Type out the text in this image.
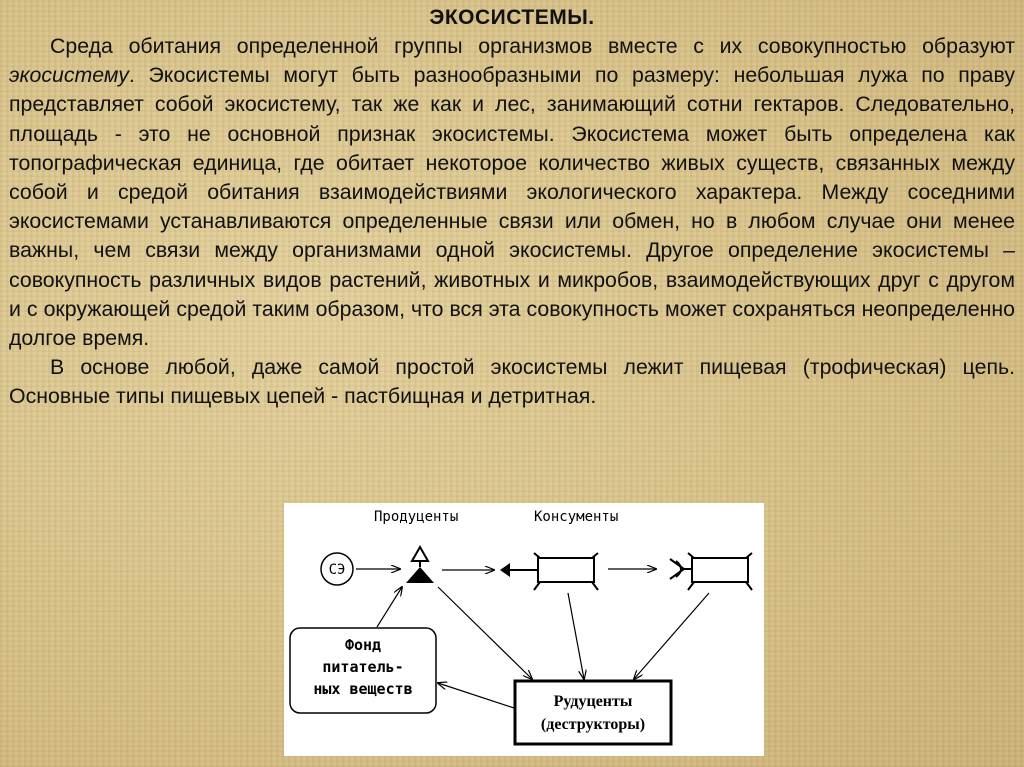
ЭКОСИСТЕМЫ.

Среда обитания определенной группы организмов вместе с их совокупностью образуют экосистему. Экосистемы могут быть разнообразными по размеру: небольшая лужа по праву представляет собой экосистему, так же как и лес, занимающий сотни гектаров. Следовательно, площадь - это не основной признак экосистемы. Экосистема может быть определена как топографическая единица, где обитает некоторое количество живых существ, связанных между собой и средой обитания взаимодействиями экологического характера. Между соседними экосистемами устанавливаются определенные связи или обмен, но в любом случае они менее важны, чем связи между организмами одной экосистемы. Другое определение экосистемы – совокупность различных видов растений, животных и микробов, взаимодействующих друг с другом и с окружающей средой таким образом, что вся эта совокупность может сохраняться неопределенно долгое время.

В основе любой, даже самой простой экосистемы лежит пищевая (трофическая) цепь. Основные типы пищевых цепей - пастбищная и детритная.

Продуценты	Консументы
СЭ
Фонд
питатель-
ных веществ
Рудуценты
(деструкторы)
